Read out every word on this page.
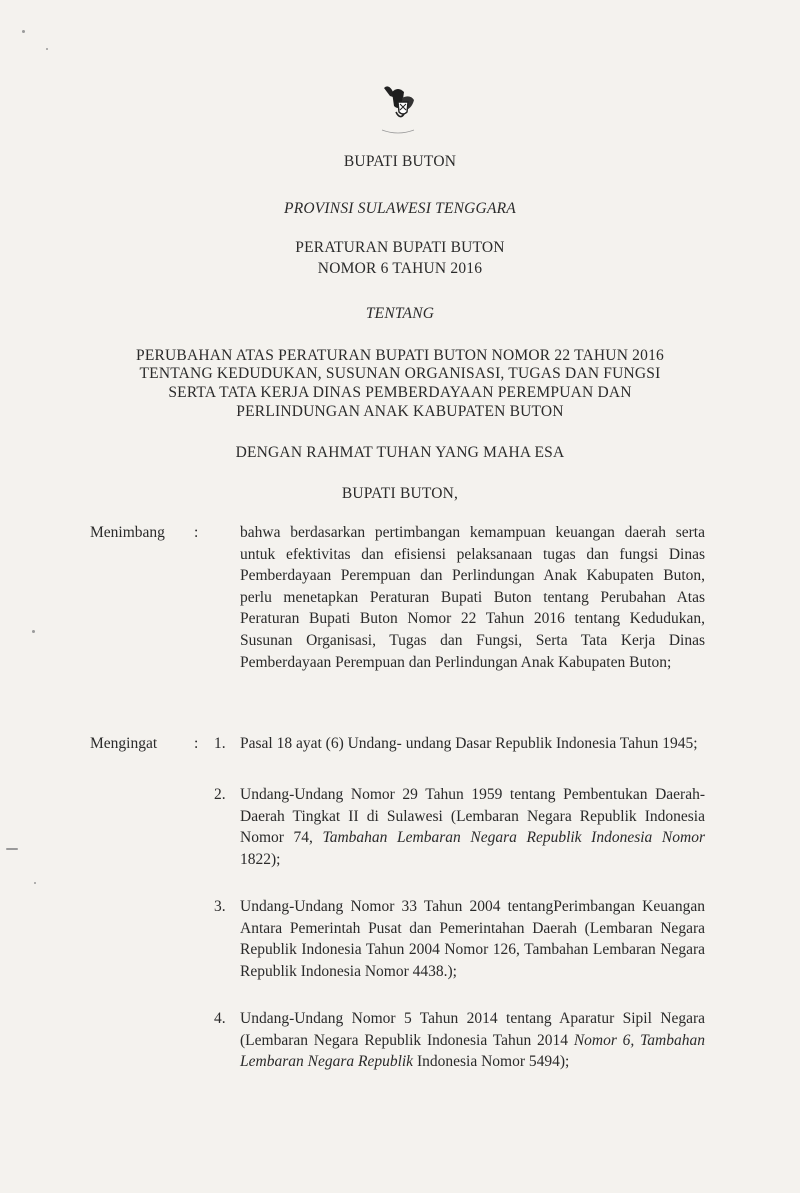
BUPATI BUTON
PROVINSI SULAWESI TENGGARA
PERATURAN BUPATI BUTON
NOMOR 6 TAHUN 2016
TENTANG
PERUBAHAN ATAS PERATURAN BUPATI BUTON NOMOR 22 TAHUN 2016
TENTANG KEDUDUKAN, SUSUNAN ORGANISASI, TUGAS DAN FUNGSI
SERTA TATA KERJA DINAS PEMBERDAYAAN PEREMPUAN DAN
PERLINDUNGAN ANAK KABUPATEN BUTON
DENGAN RAHMAT TUHAN YANG MAHA ESA
BUPATI BUTON,
Menimbang :	bahwa berdasarkan pertimbangan kemampuan keuangan daerah serta untuk efektivitas dan efisiensi pelaksanaan tugas dan fungsi Dinas Pemberdayaan Perempuan dan Perlindungan Anak Kabupaten Buton, perlu menetapkan Peraturan Bupati Buton tentang Perubahan Atas Peraturan Bupati Buton Nomor 22 Tahun 2016 tentang Kedudukan, Susunan Organisasi, Tugas dan Fungsi, Serta Tata Kerja Dinas Pemberdayaan Perempuan dan Perlindungan Anak Kabupaten Buton;
Mengingat : 1. Pasal 18 ayat (6) Undang- undang Dasar Republik Indonesia Tahun 1945;
2. Undang-Undang Nomor 29 Tahun 1959 tentang Pembentukan Daerah-Daerah Tingkat II di Sulawesi (Lembaran Negara Republik Indonesia Nomor 74, Tambahan Lembaran Negara Republik Indonesia Nomor 1822);
3. Undang-Undang Nomor 33 Tahun 2004 tentangPerimbangan Keuangan Antara Pemerintah Pusat dan Pemerintahan Daerah (Lembaran Negara Republik Indonesia Tahun 2004 Nomor 126, Tambahan Lembaran Negara Republik Indonesia Nomor 4438.);
4. Undang-Undang Nomor 5 Tahun 2014 tentang Aparatur Sipil Negara (Lembaran Negara Republik Indonesia Tahun 2014 Nomor 6, Tambahan Lembaran Negara Republik Indonesia Nomor 5494);
